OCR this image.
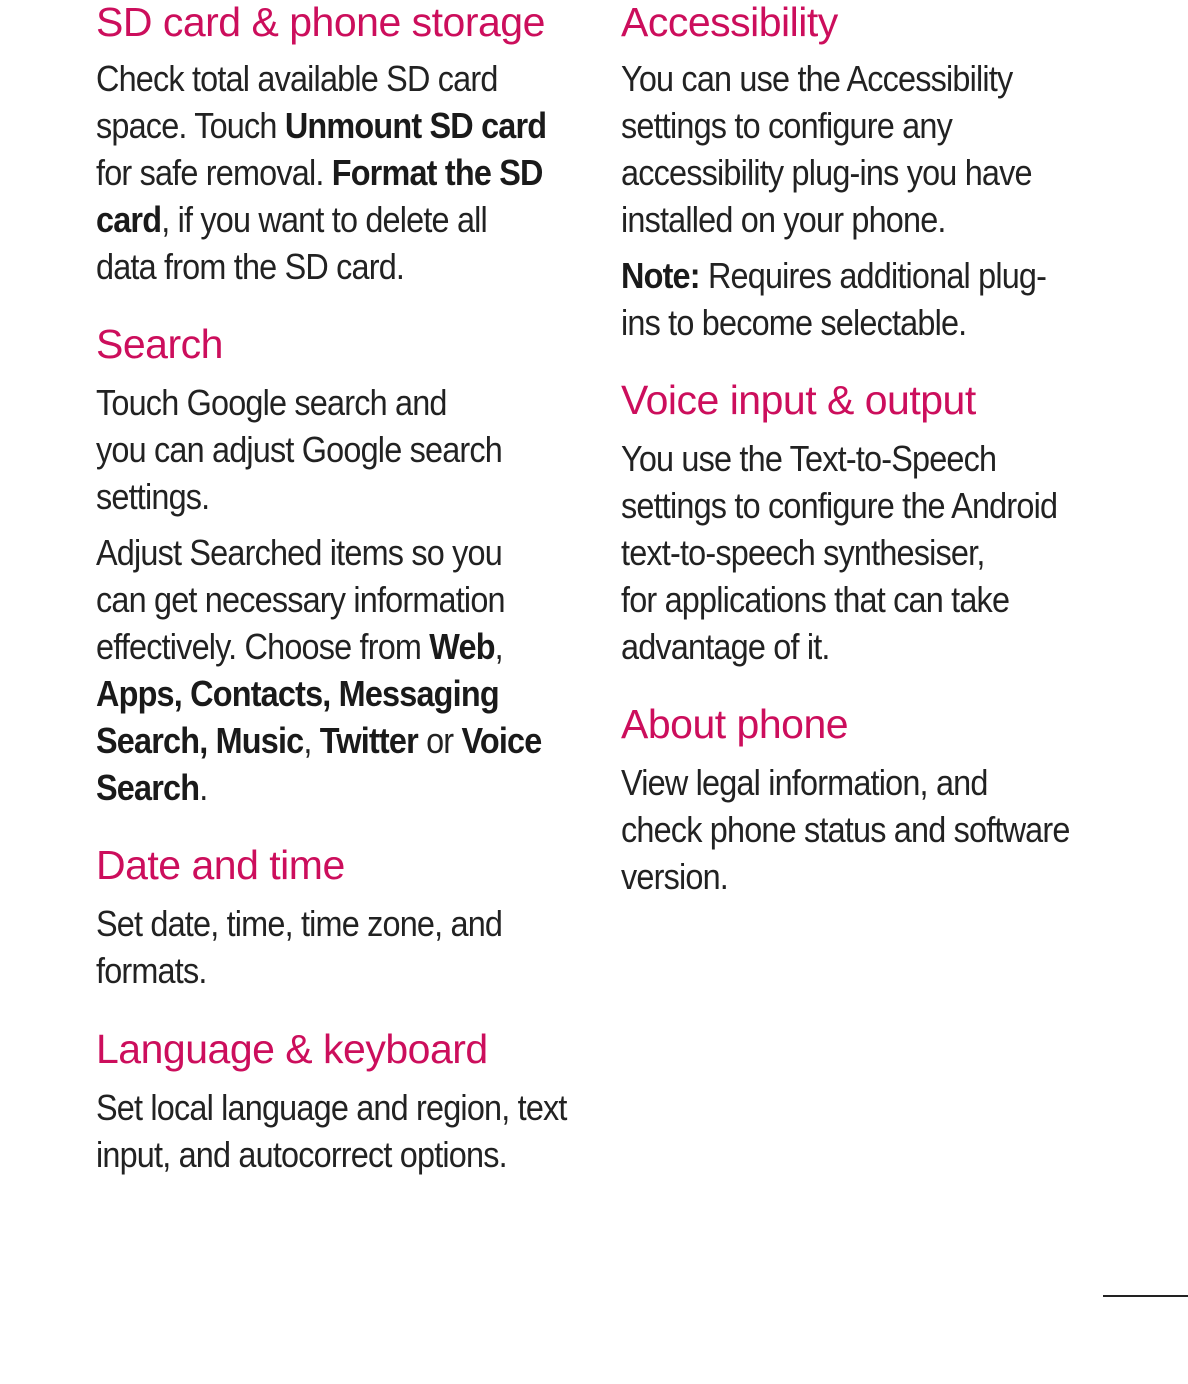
SD card & phone storage
Check total available SD card
space. Touch Unmount SD card
for safe removal. Format the SD
card, if you want to delete all
data from the SD card.
Search
Touch Google search and
you can adjust Google search
settings.
Adjust Searched items so you
can get necessary information
effectively. Choose from Web,
Apps, Contacts, Messaging
Search, Music, Twitter or Voice
Search.
Date and time
Set date, time, time zone, and
formats.
Language & keyboard
Set local language and region, text
input, and autocorrect options.
Accessibility
You can use the Accessibility
settings to configure any
accessibility plug-ins you have
installed on your phone.
Note: Requires additional plug-
ins to become selectable.
Voice input & output
You use the Text-to-Speech
settings to configure the Android
text-to-speech synthesiser,
for applications that can take
advantage of it.
About phone
View legal information, and
check phone status and software
version.
